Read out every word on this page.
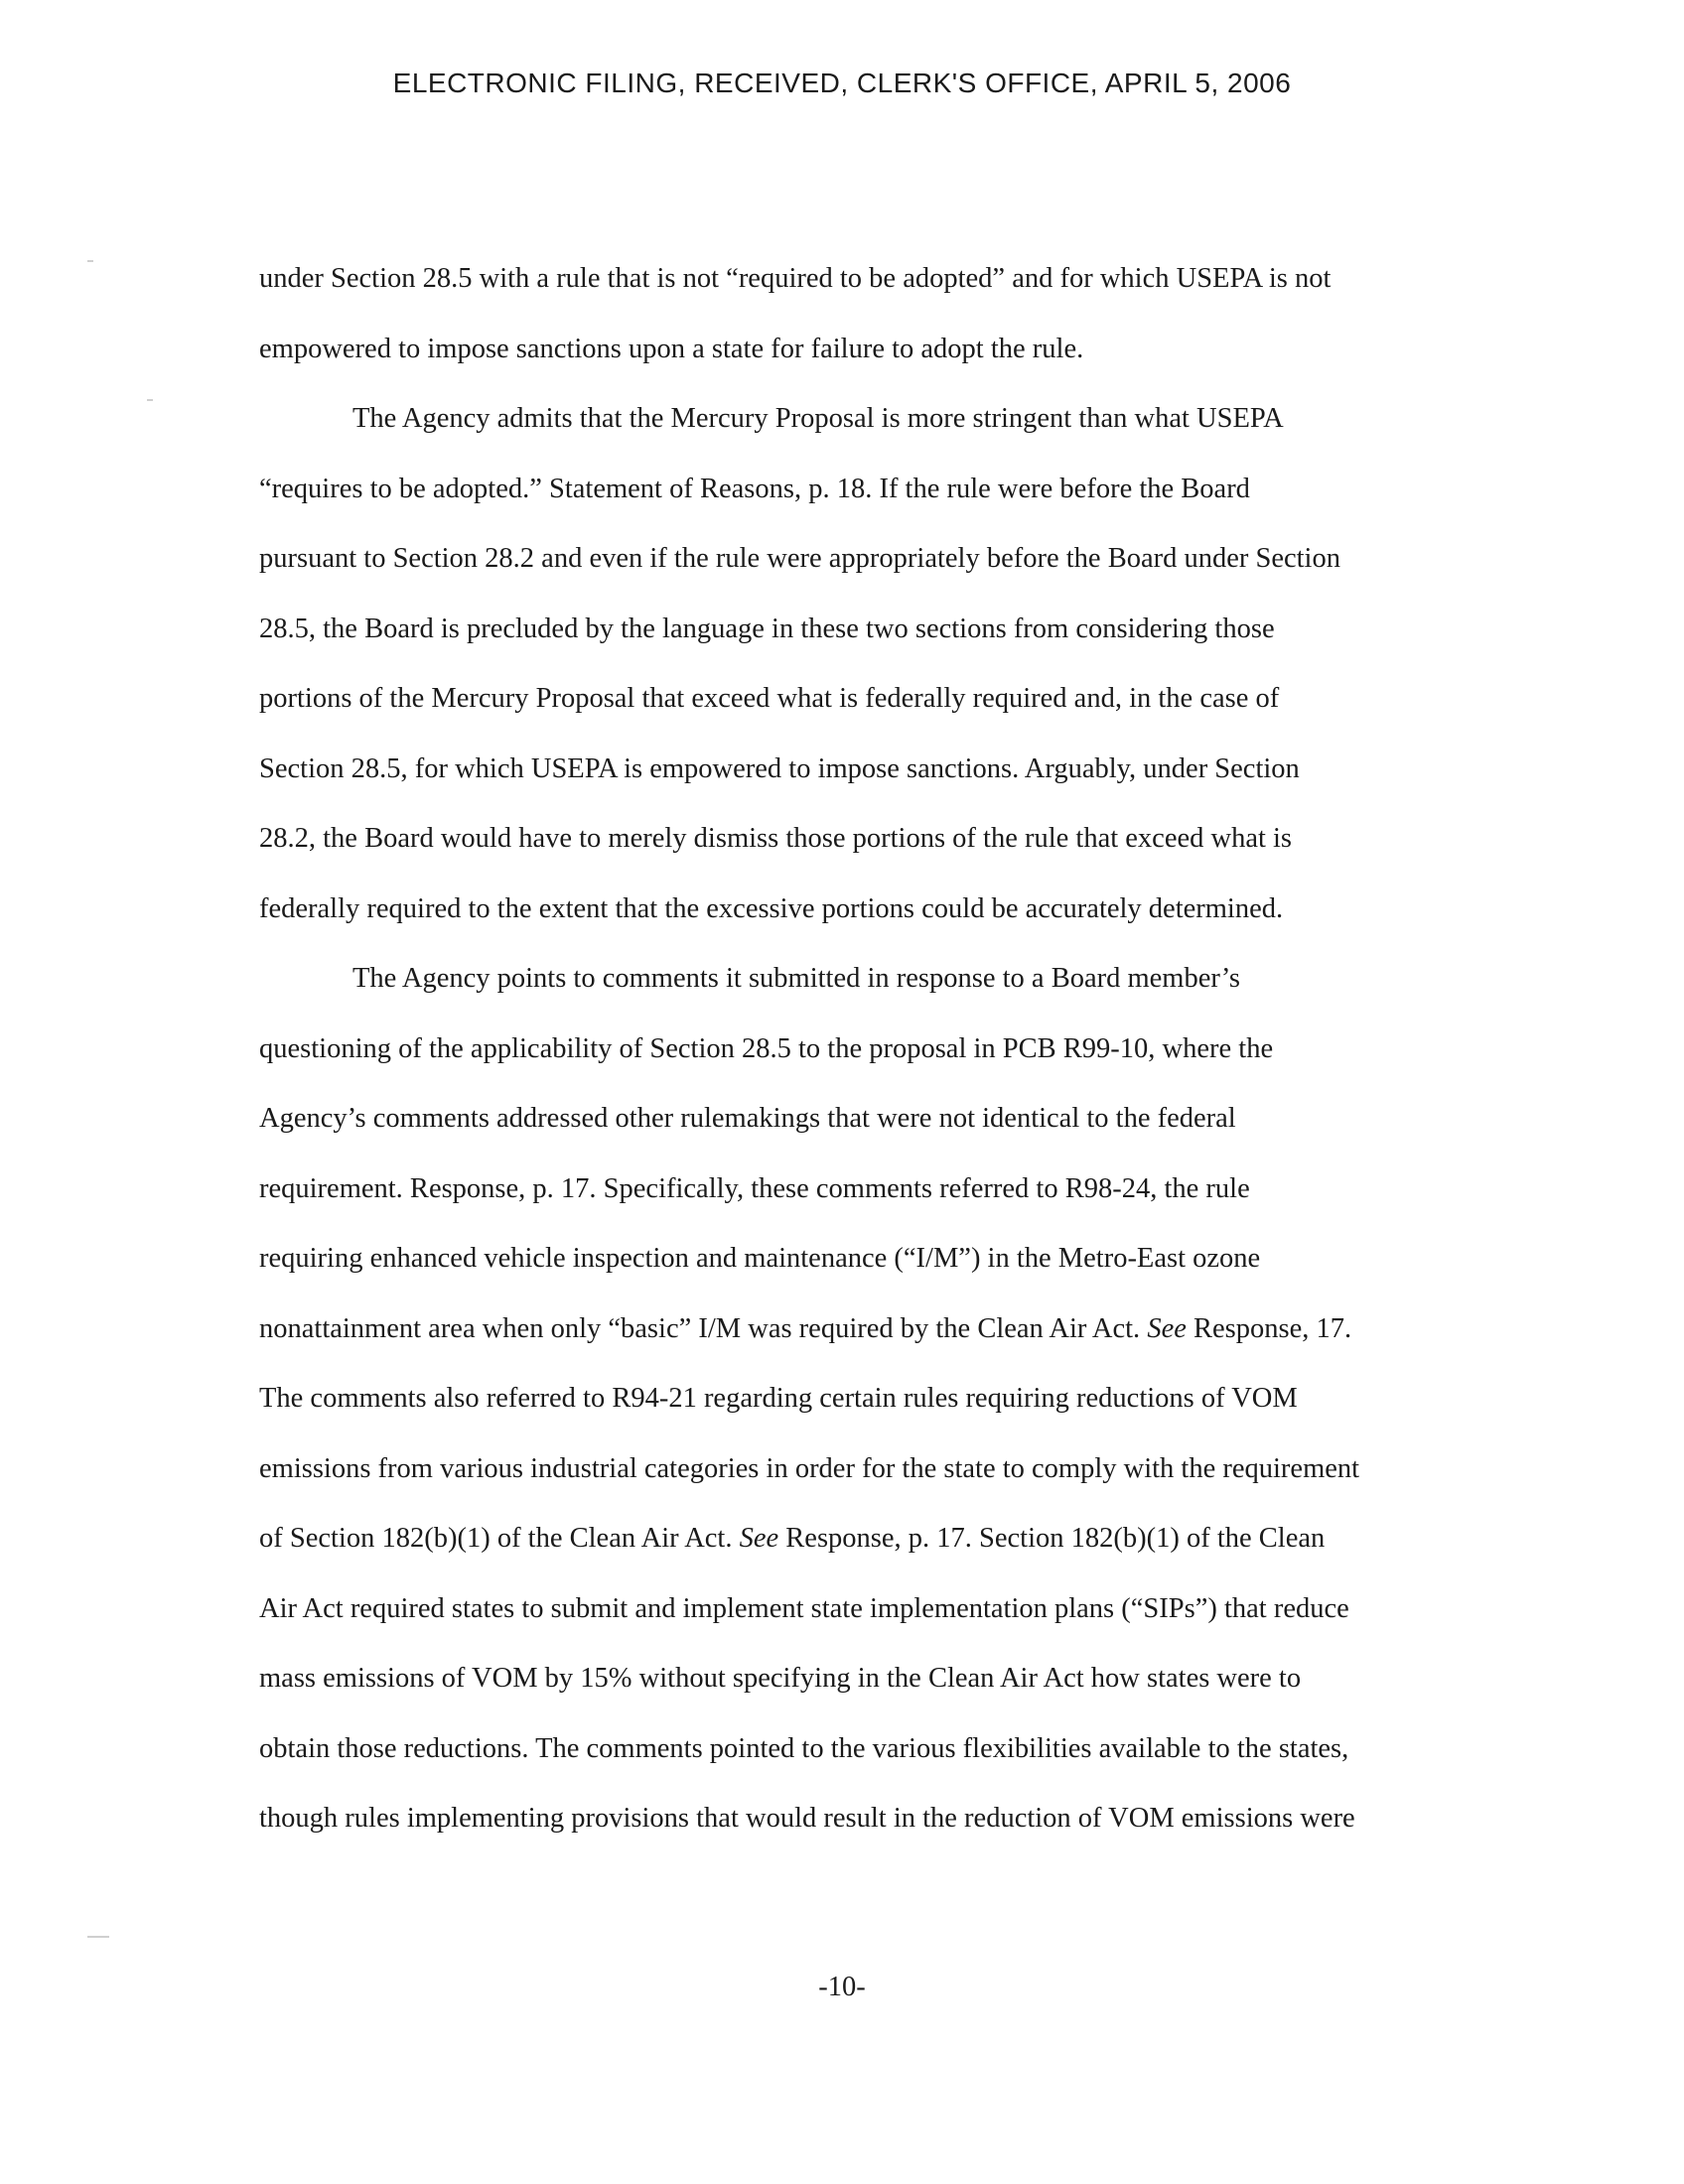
ELECTRONIC FILING, RECEIVED, CLERK'S OFFICE, APRIL 5, 2006

under Section 28.5 with a rule that is not “required to be adopted” and for which USEPA is not
empowered to impose sanctions upon a state for failure to adopt the rule.

The Agency admits that the Mercury Proposal is more stringent than what USEPA
“requires to be adopted.” Statement of Reasons, p. 18. If the rule were before the Board
pursuant to Section 28.2 and even if the rule were appropriately before the Board under Section
28.5, the Board is precluded by the language in these two sections from considering those
portions of the Mercury Proposal that exceed what is federally required and, in the case of
Section 28.5, for which USEPA is empowered to impose sanctions. Arguably, under Section
28.2, the Board would have to merely dismiss those portions of the rule that exceed what is
federally required to the extent that the excessive portions could be accurately determined.

The Agency points to comments it submitted in response to a Board member’s
questioning of the applicability of Section 28.5 to the proposal in PCB R99-10, where the
Agency’s comments addressed other rulemakings that were not identical to the federal
requirement. Response, p. 17. Specifically, these comments referred to R98-24, the rule
requiring enhanced vehicle inspection and maintenance (“I/M”) in the Metro-East ozone
nonattainment area when only “basic” I/M was required by the Clean Air Act. See Response, 17.
The comments also referred to R94-21 regarding certain rules requiring reductions of VOM
emissions from various industrial categories in order for the state to comply with the requirement
of Section 182(b)(1) of the Clean Air Act. See Response, p. 17. Section 182(b)(1) of the Clean
Air Act required states to submit and implement state implementation plans (“SIPs”) that reduce
mass emissions of VOM by 15% without specifying in the Clean Air Act how states were to
obtain those reductions. The comments pointed to the various flexibilities available to the states,
though rules implementing provisions that would result in the reduction of VOM emissions were

-10-
